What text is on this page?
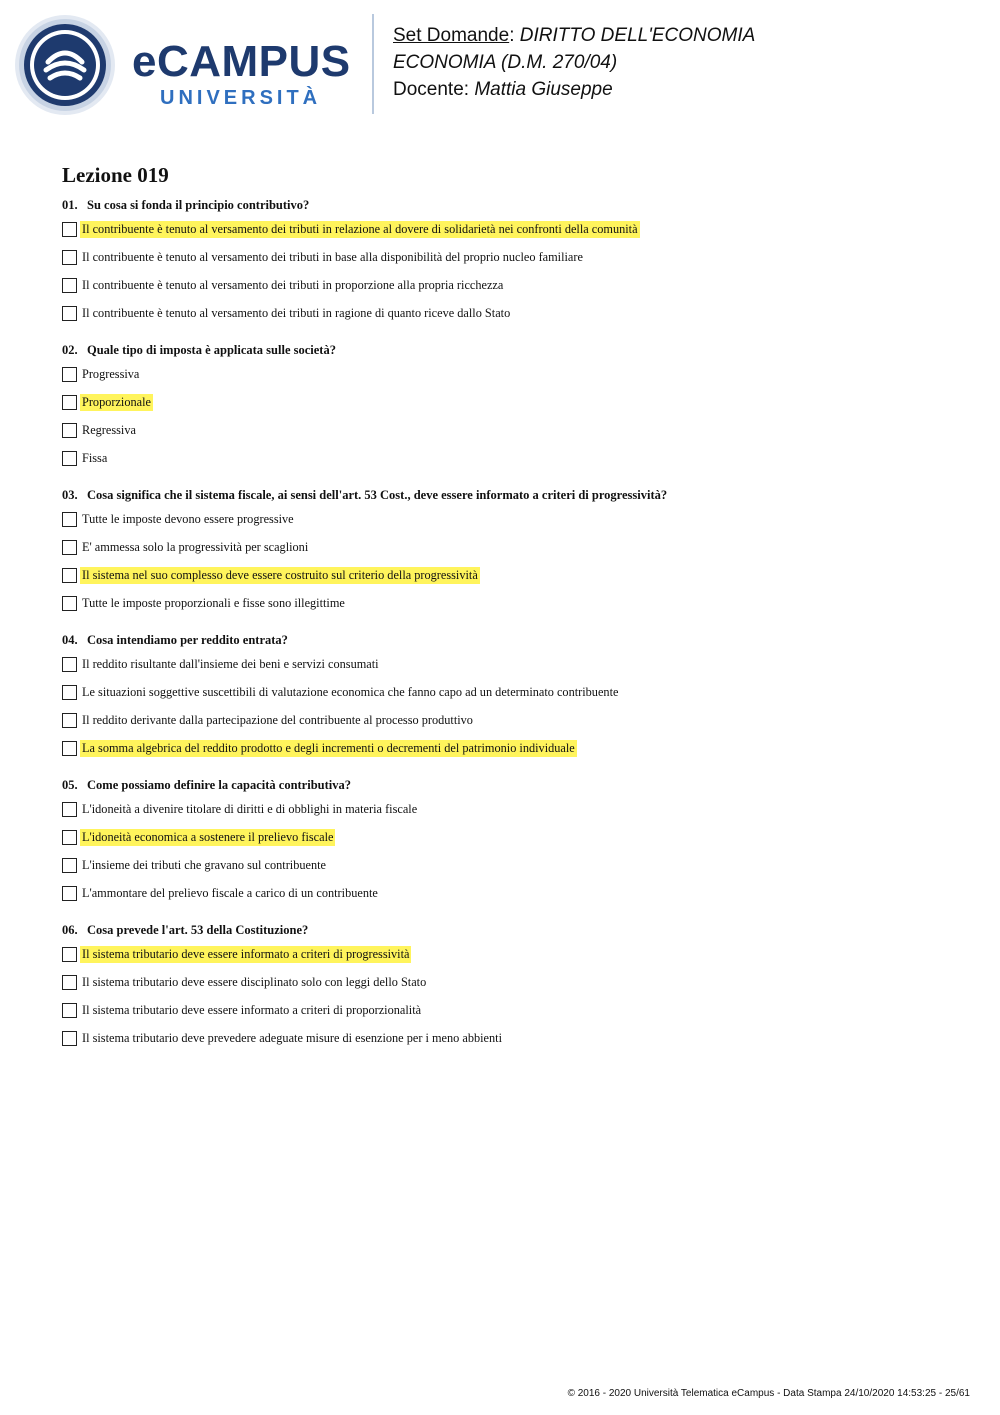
eCAMPUS
UNIVERSITÀ
Set Domande: DIRITTO DELL'ECONOMIA
ECONOMIA (D.M. 270/04)
Docente: Mattia Giuseppe
Lezione 019
01. Su cosa si fonda il principio contributivo?
Il contribuente è tenuto al versamento dei tributi in relazione al dovere di solidarietà nei confronti della comunità
Il contribuente è tenuto al versamento dei tributi in base alla disponibilità del proprio nucleo familiare
Il contribuente è tenuto al versamento dei tributi in proporzione alla propria ricchezza
Il contribuente è tenuto al versamento dei tributi in ragione di quanto riceve dallo Stato
02. Quale tipo di imposta è applicata sulle società?
Progressiva
Proporzionale
Regressiva
Fissa
03. Cosa significa che il sistema fiscale, ai sensi dell'art. 53 Cost., deve essere informato a criteri di progressività?
Tutte le imposte devono essere progressive
E' ammessa solo la progressività per scaglioni
Il sistema nel suo complesso deve essere costruito sul criterio della progressività
Tutte le imposte proporzionali e fisse sono illegittime
04. Cosa intendiamo per reddito entrata?
Il reddito risultante dall'insieme dei beni e servizi consumati
Le situazioni soggettive suscettibili di valutazione economica che fanno capo ad un determinato contribuente
Il reddito derivante dalla partecipazione del contribuente al processo produttivo
La somma algebrica del reddito prodotto e degli incrementi o decrementi del patrimonio individuale
05. Come possiamo definire la capacità contributiva?
L'idoneità a divenire titolare di diritti e di obblighi in materia fiscale
L'idoneità economica a sostenere il prelievo fiscale
L'insieme dei tributi che gravano sul contribuente
L'ammontare del prelievo fiscale a carico di un contribuente
06. Cosa prevede l'art. 53 della Costituzione?
Il sistema tributario deve essere informato a criteri di progressività
Il sistema tributario deve essere disciplinato solo con leggi dello Stato
Il sistema tributario deve essere informato a criteri di proporzionalità
Il sistema tributario deve prevedere adeguate misure di esenzione per i meno abbienti
© 2016 - 2020 Università Telematica eCampus - Data Stampa 24/10/2020 14:53:25 - 25/61
